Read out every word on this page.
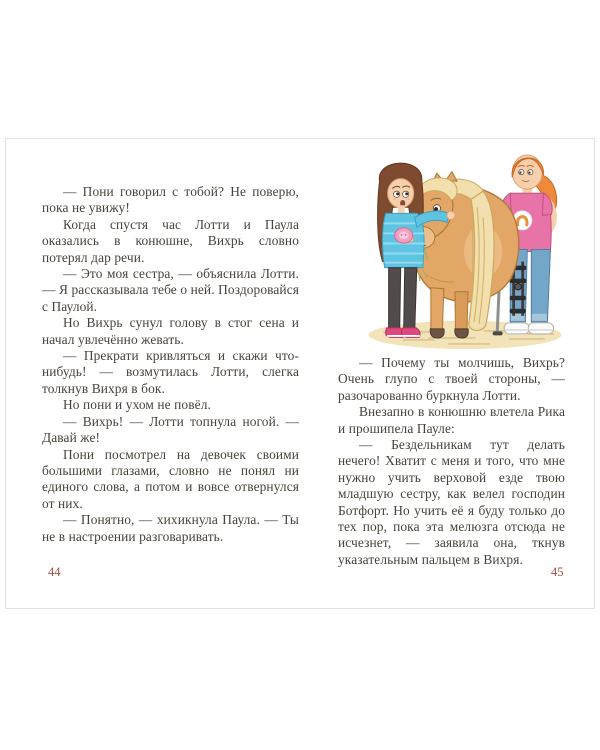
— Пони говорил с тобой? Не поверю, пока не увижу!

Когда спустя час Лотти и Паула оказались в конюшне, Вихрь словно потерял дар речи.

— Это моя сестра, — объяснила Лотти. — Я рассказывала тебе о ней. Поздоровайся с Паулой.

Но Вихрь сунул голову в стог сена и начал увлечённо жевать.

— Прекрати кривляться и скажи что-нибудь! — возмутилась Лотти, слегка толкнув Вихря в бок.

Но пони и ухом не повёл.

— Вихрь! — Лотти топнула ногой. — Давай же!

Пони посмотрел на девочек своими большими глазами, словно не понял ни единого слова, а потом и вовсе отвернулся от них.

— Понятно, — хихикнула Паула. — Ты не в настроении разговаривать.

— Почему ты молчишь, Вихрь? Очень глупо с твоей стороны, — разочарованно буркнула Лотти.

Внезапно в конюшню влетела Рика и прошипела Пауле:

— Бездельникам тут делать нечего! Хватит с меня и того, что мне нужно учить верховой езде твою младшую сестру, как велел господин Ботфорт. Но учить её я буду только до тех пор, пока эта мелюзга отсюда не исчезнет, — заявила она, ткнув указательным пальцем в Вихря.

44	45
